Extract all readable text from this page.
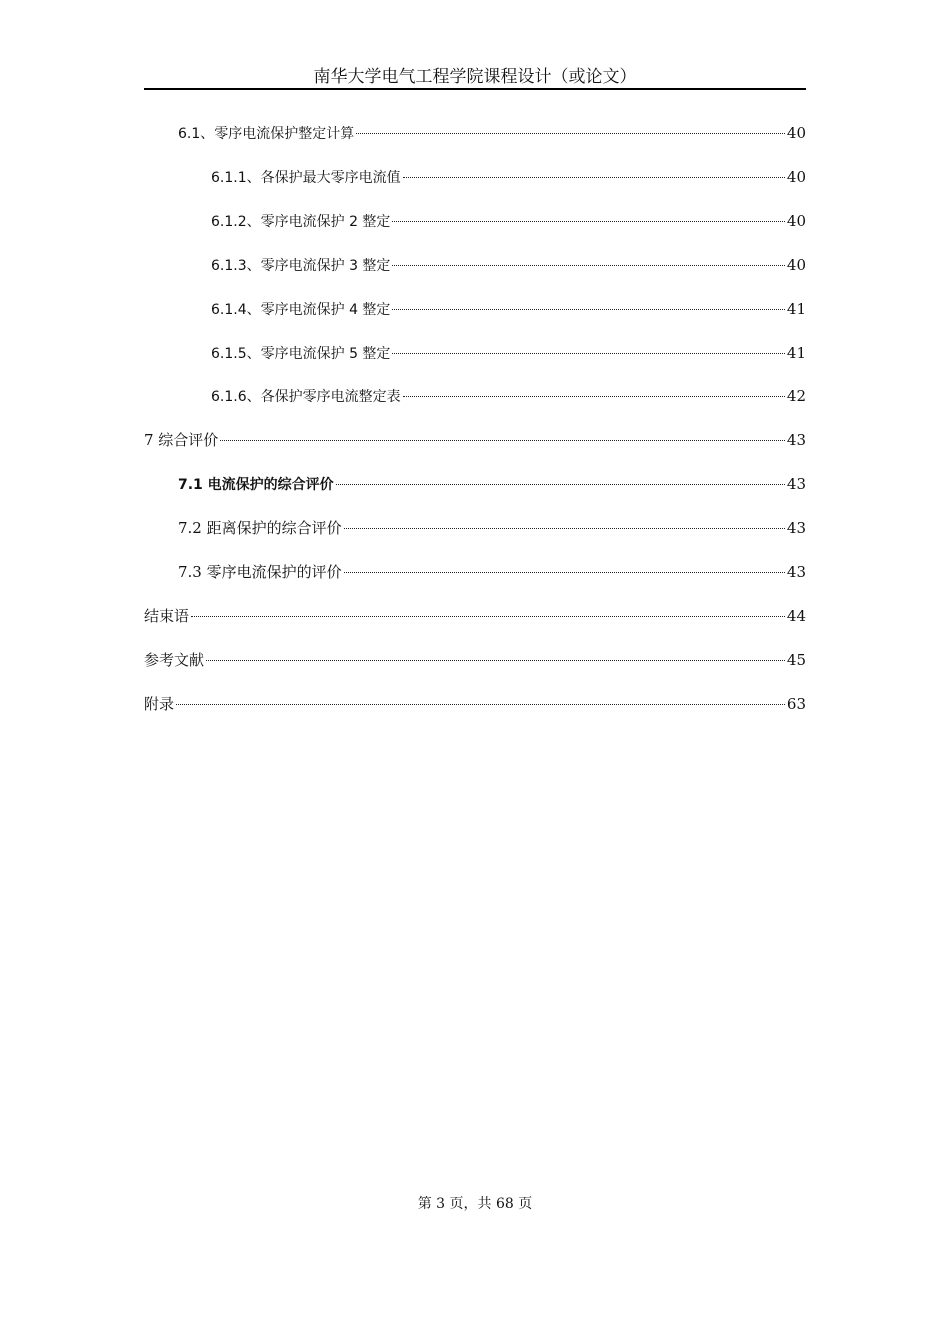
南华大学电气工程学院课程设计（或论文）
6.1、零序电流保护整定计算	40
6.1.1、各保护最大零序电流值	40
6.1.2、零序电流保护 2 整定	40
6.1.3、零序电流保护 3 整定	40
6.1.4、零序电流保护 4 整定	41
6.1.5、零序电流保护 5 整定	41
6.1.6、各保护零序电流整定表	42
7 综合评价	43
7.1 电流保护的综合评价	43
7.2 距离保护的综合评价	43
7.3 零序电流保护的评价	43
结束语	44
参考文献	45
附录	63
第 3 页，共 68 页
